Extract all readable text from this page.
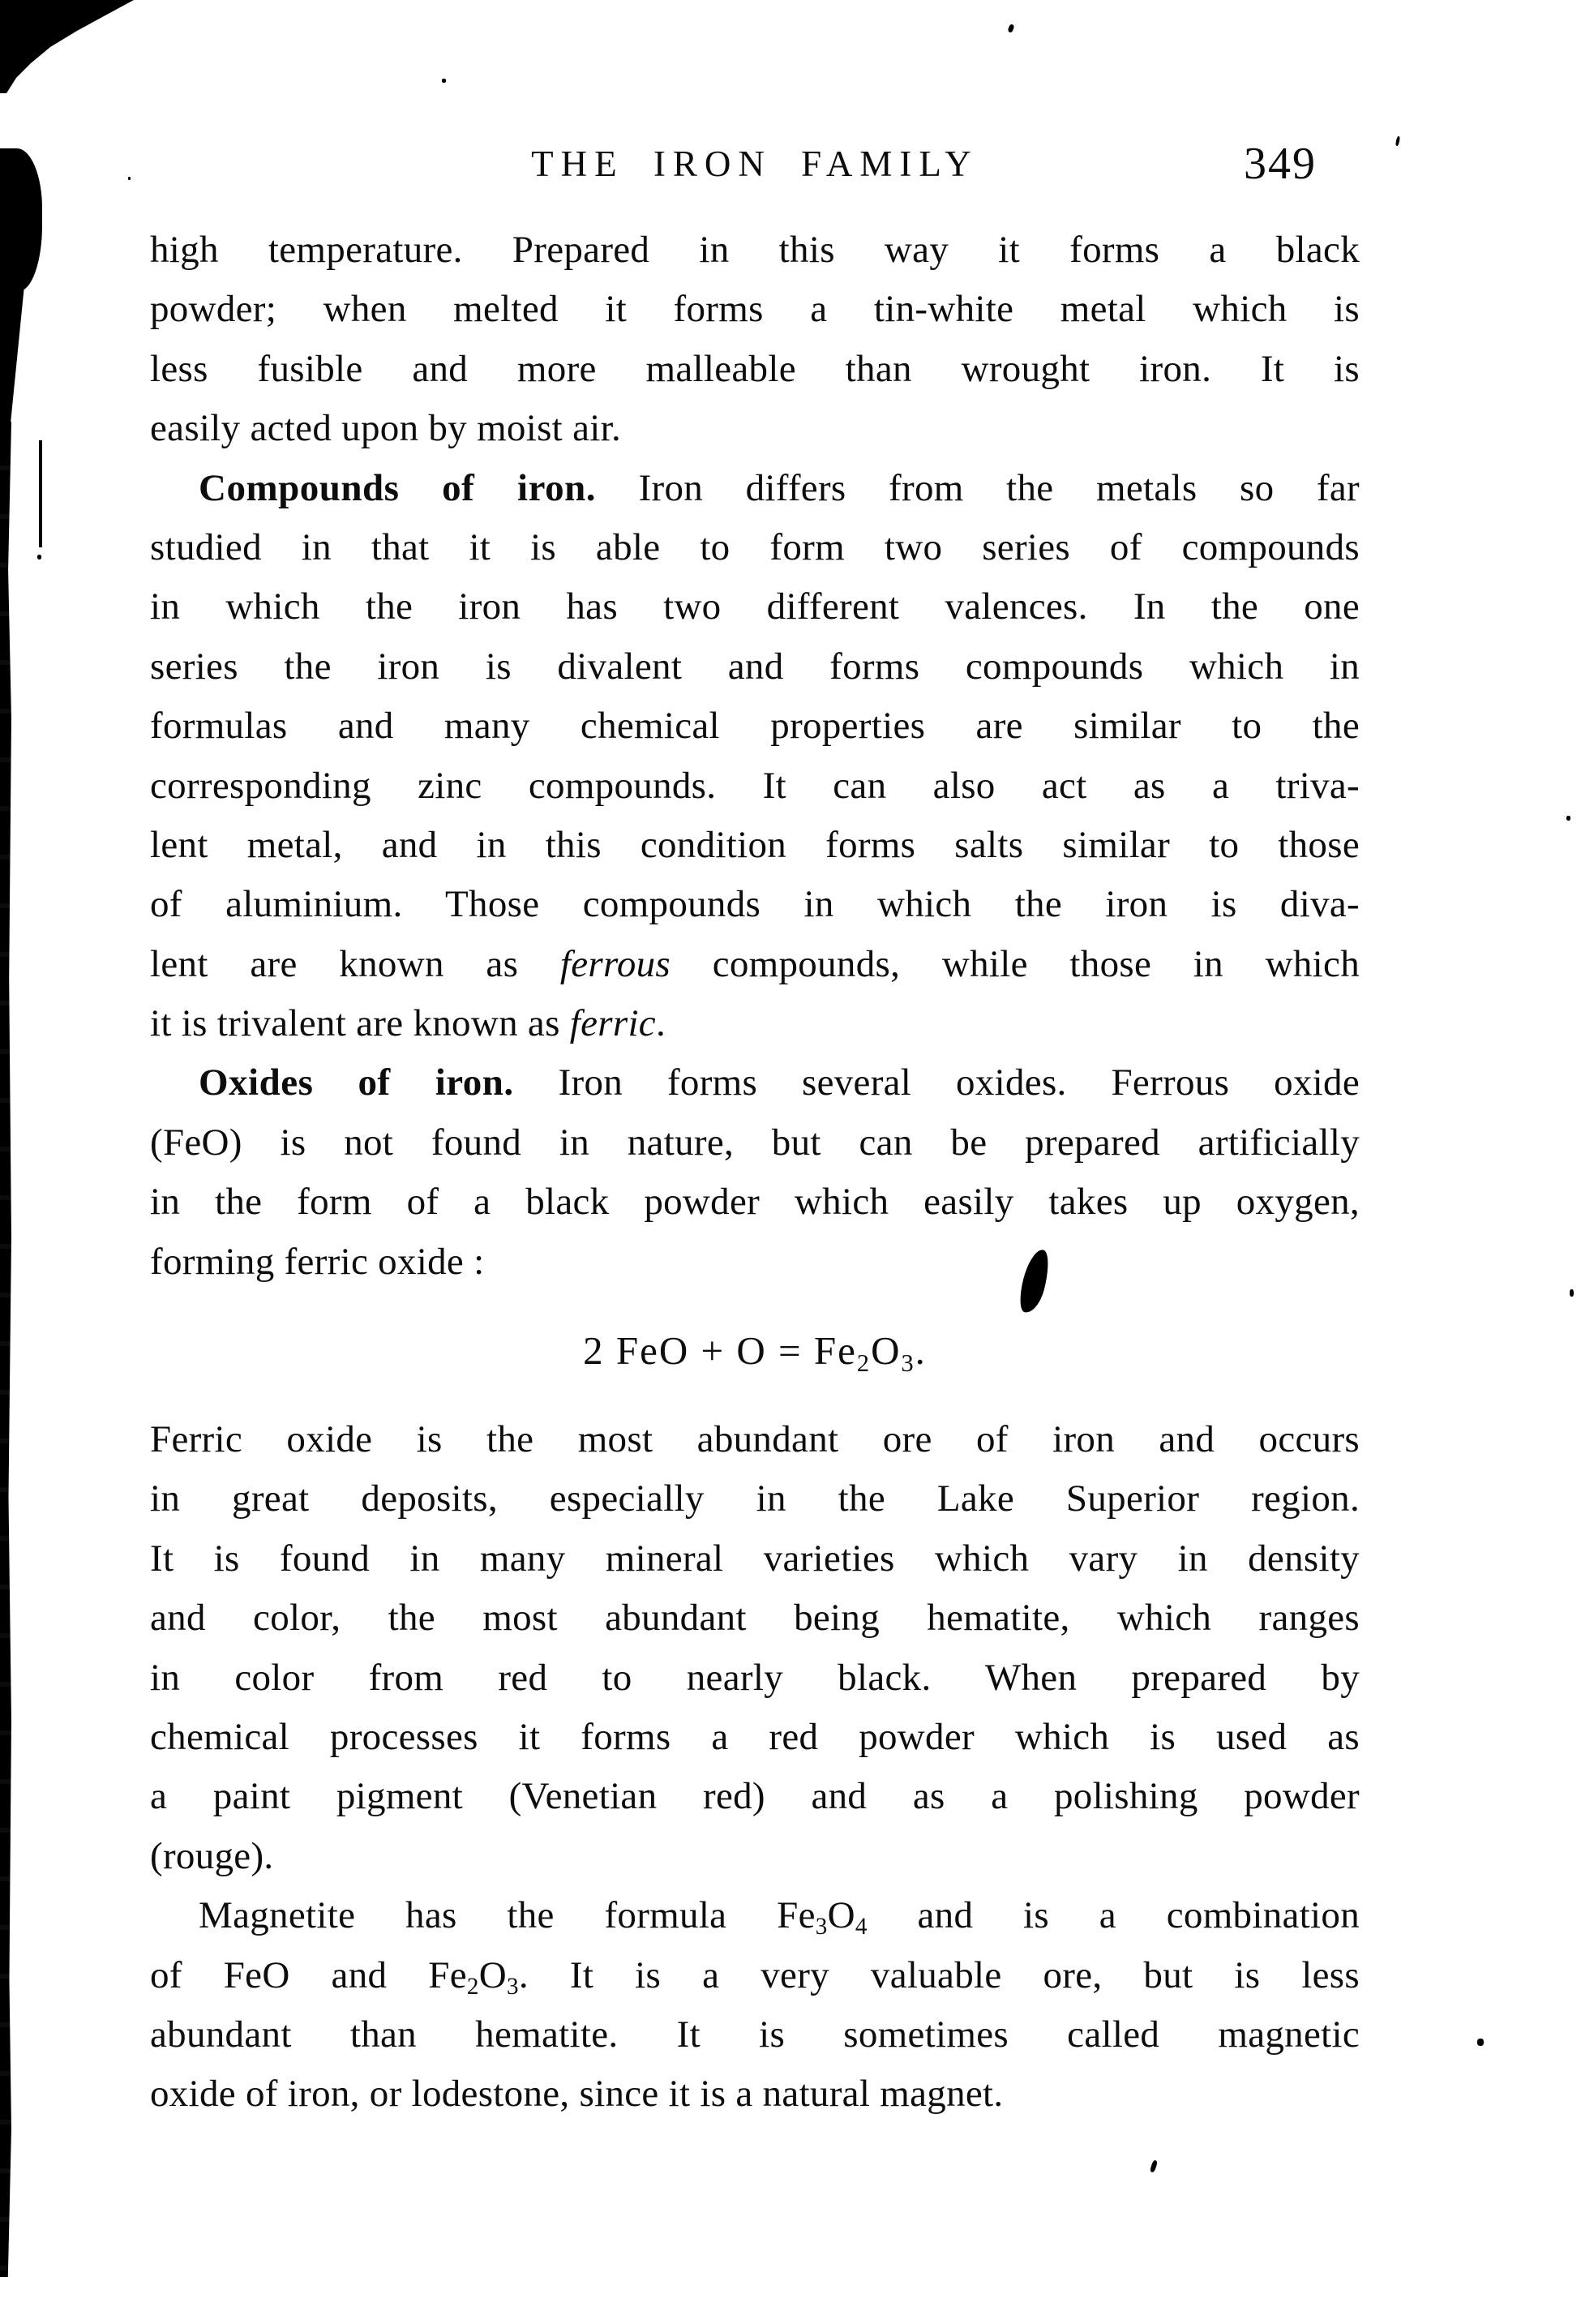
THE IRON FAMILY	349
high temperature. Prepared in this way it forms a black
powder; when melted it forms a tin-white metal which is
less fusible and more malleable than wrought iron. It is
easily acted upon by moist air.
Compounds of iron. Iron differs from the metals so far
studied in that it is able to form two series of compounds
in which the iron has two different valences. In the one
series the iron is divalent and forms compounds which in
formulas and many chemical properties are similar to the
corresponding zinc compounds. It can also act as a triva-
lent metal, and in this condition forms salts similar to those
of aluminium. Those compounds in which the iron is diva-
lent are known as ferrous compounds, while those in which
it is trivalent are known as ferric.
Oxides of iron. Iron forms several oxides. Ferrous oxide
(FeO) is not found in nature, but can be prepared artificially
in the form of a black powder which easily takes up oxygen,
forming ferric oxide :
2 FeO + $O = Fe_2O_3$.
Ferric oxide is the most abundant ore of iron and occurs
in great deposits, especially in the Lake Superior region.
It is found in many mineral varieties which vary in density
and color, the most abundant being hematite, which ranges
in color from red to nearly black. When prepared by
chemical processes it forms a red powder which is used as
a paint pigment (Venetian red) and as a polishing powder
(rouge).
Magnetite has the formula $Fe_3O_4$ and is a combination
of FeO and $Fe_2O_3$. It is a very valuable ore, but is less
abundant than hematite. It is sometimes called magnetic
oxide of iron, or lodestone, since it is a natural magnet.
